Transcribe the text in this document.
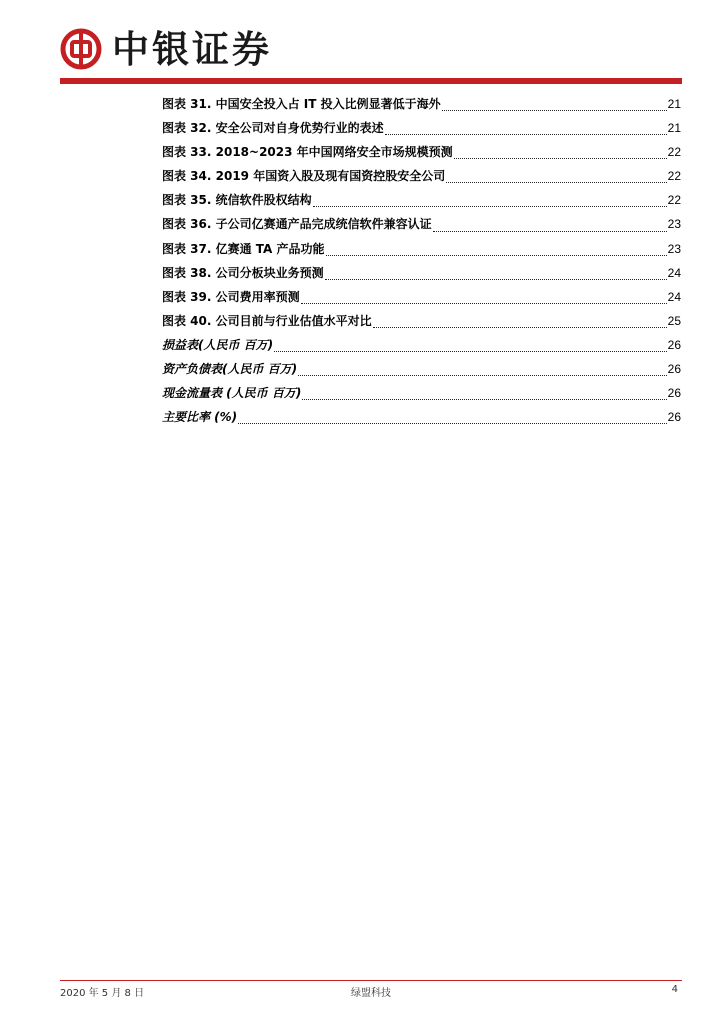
中银证券
图表 31. 中国安全投入占 IT 投入比例显著低于海外	21
图表 32. 安全公司对自身优势行业的表述	21
图表 33. 2018~2023 年中国网络安全市场规模预测	22
图表 34. 2019 年国资入股及现有国资控股安全公司	22
图表 35. 统信软件股权结构	22
图表 36. 子公司亿赛通产品完成统信软件兼容认证	23
图表 37. 亿赛通 TA 产品功能	23
图表 38. 公司分板块业务预测	24
图表 39. 公司费用率预测	24
图表 40. 公司目前与行业估值水平对比	25
损益表(人民币 百万)	26
资产负债表(人民币 百万)	26
现金流量表 (人民币 百万)	26
主要比率 (%)	26
2020 年 5 月 8 日	绿盟科技	4
